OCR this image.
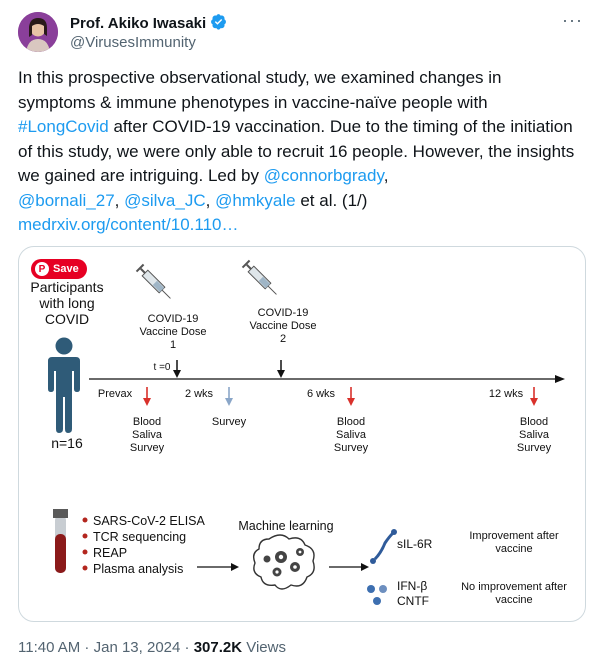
Prof. Akiko Iwasaki
@VirusesImmunity
···
In this prospective observational study, we examined changes in symptoms & immune phenotypes in vaccine-naïve people with #LongCovid after COVID-19 vaccination. Due to the timing of the initiation of this study, we were only able to recruit 16 people. However, the insights we gained are intriguing. Led by @connorbgrady,
@bornali_27, @silva_JC, @hmkyale et al. (1/)
medrxiv.org/content/10.110…
P Save
Participants with long COVID
n=16
COVID-19 Vaccine Dose 1
COVID-19 Vaccine Dose 2
t =0
Prevax	2 wks	6 wks	12 wks
Blood Saliva Survey
Survey	Blood Saliva Survey
Blood Saliva Survey
SARS-CoV-2 ELISA
TCR sequencing
REAP
Plasma analysis
Machine learning
sIL-6R
IFN-β
CNTF
Improvement after vaccine
No improvement after vaccine
11:40 AM · Jan 13, 2024 · 307.2K Views
